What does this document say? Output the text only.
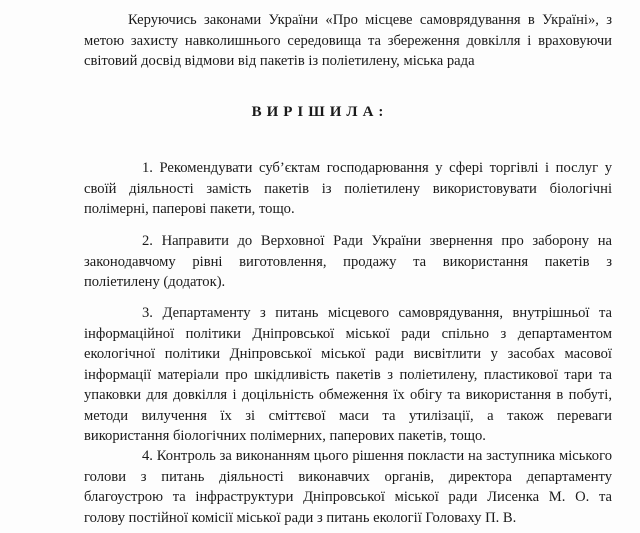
Керуючись законами України «Про місцеве самоврядування в Україні», з
метою захисту навколишнього середовища та збереження довкілля і враховуючи
світовий досвід відмови від пакетів із поліетилену, міська рада

ВИРІШИЛА:

1. Рекомендувати суб’єктам господарювання у сфері торгівлі і послуг у
своїй діяльності замість пакетів із поліетилену використовувати біологічні
полімерні, паперові пакети, тощо.

2. Направити до Верховної Ради України звернення про заборону на
законодавчому рівні виготовлення, продажу та використання пакетів з
поліетилену (додаток).

3. Департаменту з питань місцевого самоврядування, внутрішньої та
інформаційної політики Дніпровської міської ради спільно з департаментом
екологічної політики Дніпровської міської ради висвітлити у засобах масової
інформації матеріали про шкідливість пакетів з поліетилену, пластикової тари та
упаковки для довкілля і доцільність обмеження їх обігу та використання в побуті,
методи вилучення їх зі сміттєвої маси та утилізації, а також переваги
використання біологічних полімерних, паперових пакетів, тощо.

4. Контроль за виконанням цього рішення покласти на заступника міського
голови з питань діяльності виконавчих органів, директора департаменту
благоустрою та інфраструктури Дніпровської міської ради Лисенка М. О. та
голову постійної комісії міської ради з питань екології Головаху П. В.
